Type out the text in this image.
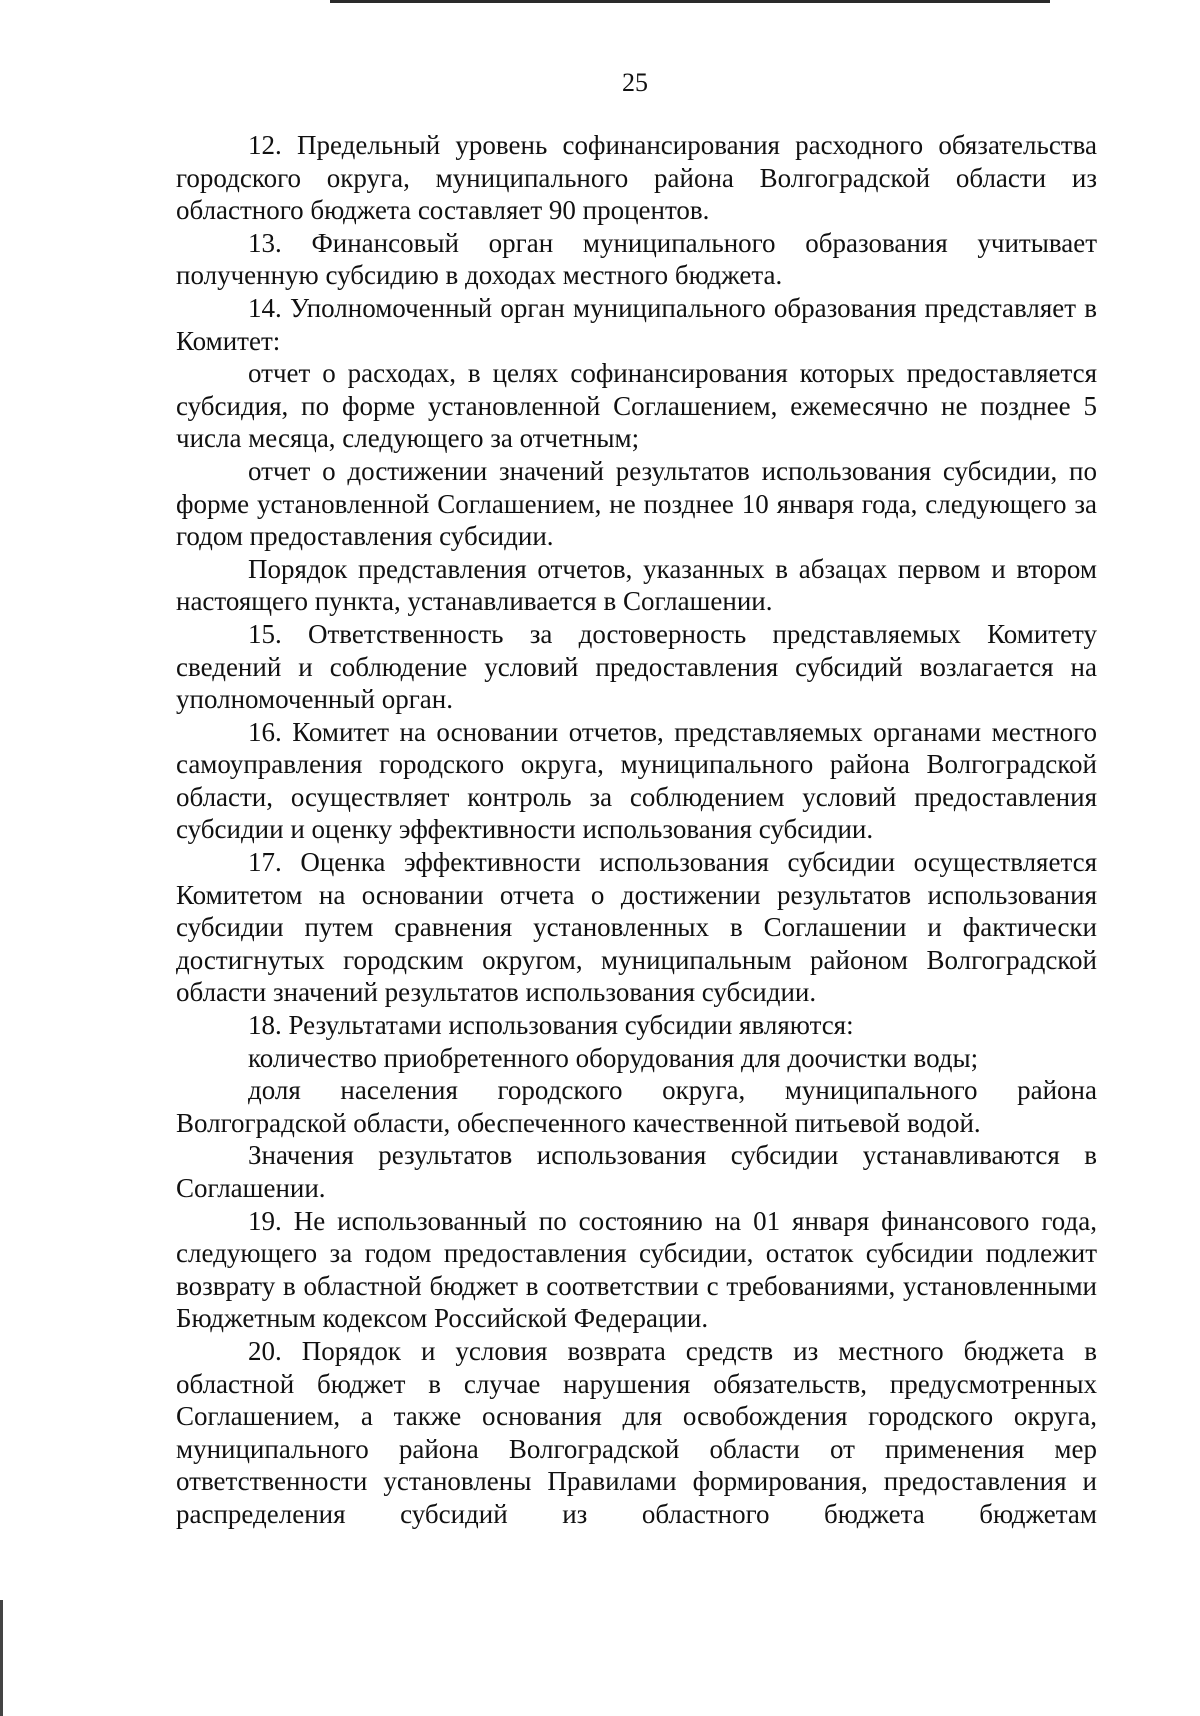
25

12. Предельный уровень софинансирования расходного обязательства городского округа, муниципального района Волгоградской области из областного бюджета составляет 90 процентов.

13. Финансовый орган муниципального образования учитывает полученную субсидию в доходах местного бюджета.

14. Уполномоченный орган муниципального образования представляет в Комитет:

отчет о расходах, в целях софинансирования которых предоставляется субсидия, по форме установленной Соглашением, ежемесячно не позднее 5 числа месяца, следующего за отчетным;

отчет о достижении значений результатов использования субсидии, по форме установленной Соглашением, не позднее 10 января года, следующего за годом предоставления субсидии.

Порядок представления отчетов, указанных в абзацах первом и втором настоящего пункта, устанавливается в Соглашении.

15. Ответственность за достоверность представляемых Комитету сведений и соблюдение условий предоставления субсидий возлагается на уполномоченный орган.

16. Комитет на основании отчетов, представляемых органами местного самоуправления городского округа, муниципального района Волгоградской области, осуществляет контроль за соблюдением условий предоставления субсидии и оценку эффективности использования субсидии.

17. Оценка эффективности использования субсидии осуществляется Комитетом на основании отчета о достижении результатов использования субсидии путем сравнения установленных в Соглашении и фактически достигнутых городским округом, муниципальным районом Волгоградской области значений результатов использования субсидии.

18. Результатами использования субсидии являются:

количество приобретенного оборудования для доочистки воды;

доля населения городского округа, муниципального района Волгоградской области, обеспеченного качественной питьевой водой.

Значения результатов использования субсидии устанавливаются в Соглашении.

19. Не использованный по состоянию на 01 января финансового года, следующего за годом предоставления субсидии, остаток субсидии подлежит возврату в областной бюджет в соответствии с требованиями, установленными Бюджетным кодексом Российской Федерации.

20. Порядок и условия возврата средств из местного бюджета в областной бюджет в случае нарушения обязательств, предусмотренных Соглашением, а также основания для освобождения городского округа, муниципального района Волгоградской области от применения мер ответственности установлены Правилами формирования, предоставления и распределения субсидий из областного бюджета бюджетам
